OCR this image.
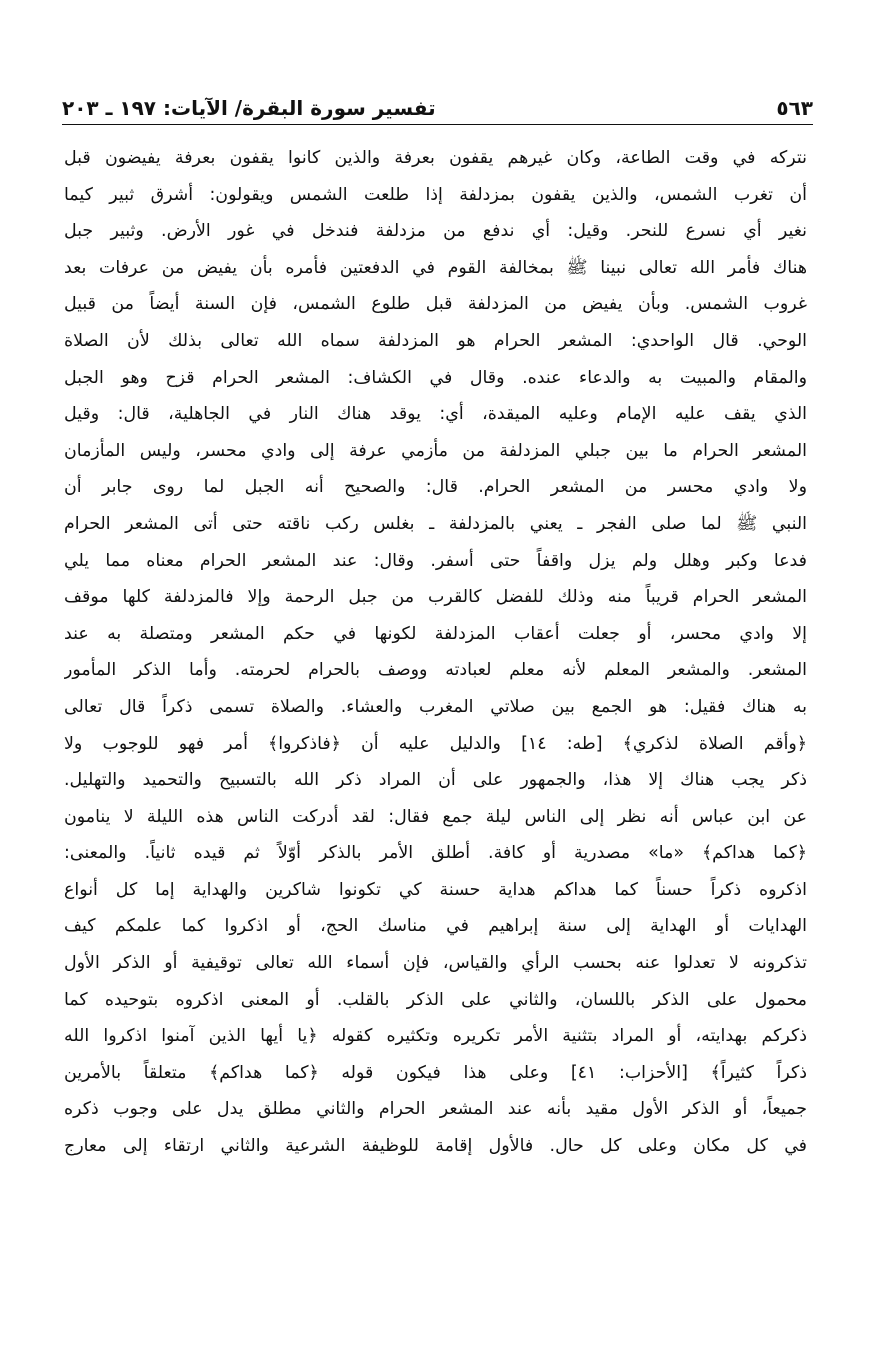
تفسير سورة البقرة/ الآيات: ١٩٧ ـ ٢٠٣	٥٦٣
نتركه في وقت الطاعة، وكان غيرهم يقفون بعرفة والذين كانوا يقفون بعرفة يفيضون قبل
أن تغرب الشمس، والذين يقفون بمزدلفة إذا طلعت الشمس ويقولون: أشرق ثبير كيما
نغير أي نسرع للنحر. وقيل: أي ندفع من مزدلفة فندخل في غور الأرض. وثبير جبل
هناك فأمر الله تعالى نبينا ﷺ بمخالفة القوم في الدفعتين فأمره بأن يفيض من عرفات بعد
غروب الشمس. وبأن يفيض من المزدلفة قبل طلوع الشمس، فإن السنة أيضاً من قبيل
الوحي. قال الواحدي: المشعر الحرام هو المزدلفة سماه الله تعالى بذلك لأن الصلاة
والمقام والمبيت به والدعاء عنده. وقال في الكشاف: المشعر الحرام قزح وهو الجبل
الذي يقف عليه الإمام وعليه الميقدة، أي: يوقد هناك النار في الجاهلية، قال: وقيل
المشعر الحرام ما بين جبلي المزدلفة من مأزمي عرفة إلى وادي محسر، وليس المأزمان
ولا وادي محسر من المشعر الحرام. قال: والصحيح أنه الجبل لما روى جابر أن
النبي ﷺ لما صلى الفجر ـ يعني بالمزدلفة ـ بغلس ركب ناقته حتى أتى المشعر الحرام
فدعا وكبر وهلل ولم يزل واقفاً حتى أسفر. وقال: عند المشعر الحرام معناه مما يلي
المشعر الحرام قريباً منه وذلك للفضل كالقرب من جبل الرحمة وإلا فالمزدلفة كلها موقف
إلا وادي محسر، أو جعلت أعقاب المزدلفة لكونها في حكم المشعر ومتصلة به عند
المشعر. والمشعر المعلم لأنه معلم لعبادته ووصف بالحرام لحرمته. وأما الذكر المأمور
به هناك فقيل: هو الجمع بين صلاتي المغرب والعشاء. والصلاة تسمى ذكراً قال تعالى
﴿وأقم الصلاة لذكري﴾ [طه: ١٤] والدليل عليه أن ﴿فاذكروا﴾ أمر فهو للوجوب ولا
ذكر يجب هناك إلا هذا، والجمهور على أن المراد ذكر الله بالتسبيح والتحميد والتهليل.
عن ابن عباس أنه نظر إلى الناس ليلة جمع فقال: لقد أدركت الناس هذه الليلة لا ينامون
﴿كما هداكم﴾ «ما» مصدرية أو كافة. أطلق الأمر بالذكر أوّلاً ثم قيده ثانياً. والمعنى:
اذكروه ذكراً حسناً كما هداكم هداية حسنة كي تكونوا شاكرين والهداية إما كل أنواع
الهدايات أو الهداية إلى سنة إبراهيم في مناسك الحج، أو اذكروا كما علمكم كيف
تذكرونه لا تعدلوا عنه بحسب الرأي والقياس، فإن أسماء الله تعالى توقيفية أو الذكر الأول
محمول على الذكر باللسان، والثاني على الذكر بالقلب. أو المعنى اذكروه بتوحيده كما
ذكركم بهدايته، أو المراد بتثنية الأمر تكريره وتكثيره كقوله ﴿يا أيها الذين آمنوا اذكروا الله
ذكراً كثيراً﴾ [الأحزاب: ٤١] وعلى هذا فيكون قوله ﴿كما هداكم﴾ متعلقاً بالأمرين
جميعاً، أو الذكر الأول مقيد بأنه عند المشعر الحرام والثاني مطلق يدل على وجوب ذكره
في كل مكان وعلى كل حال. فالأول إقامة للوظيفة الشرعية والثاني ارتقاء إلى معارج
